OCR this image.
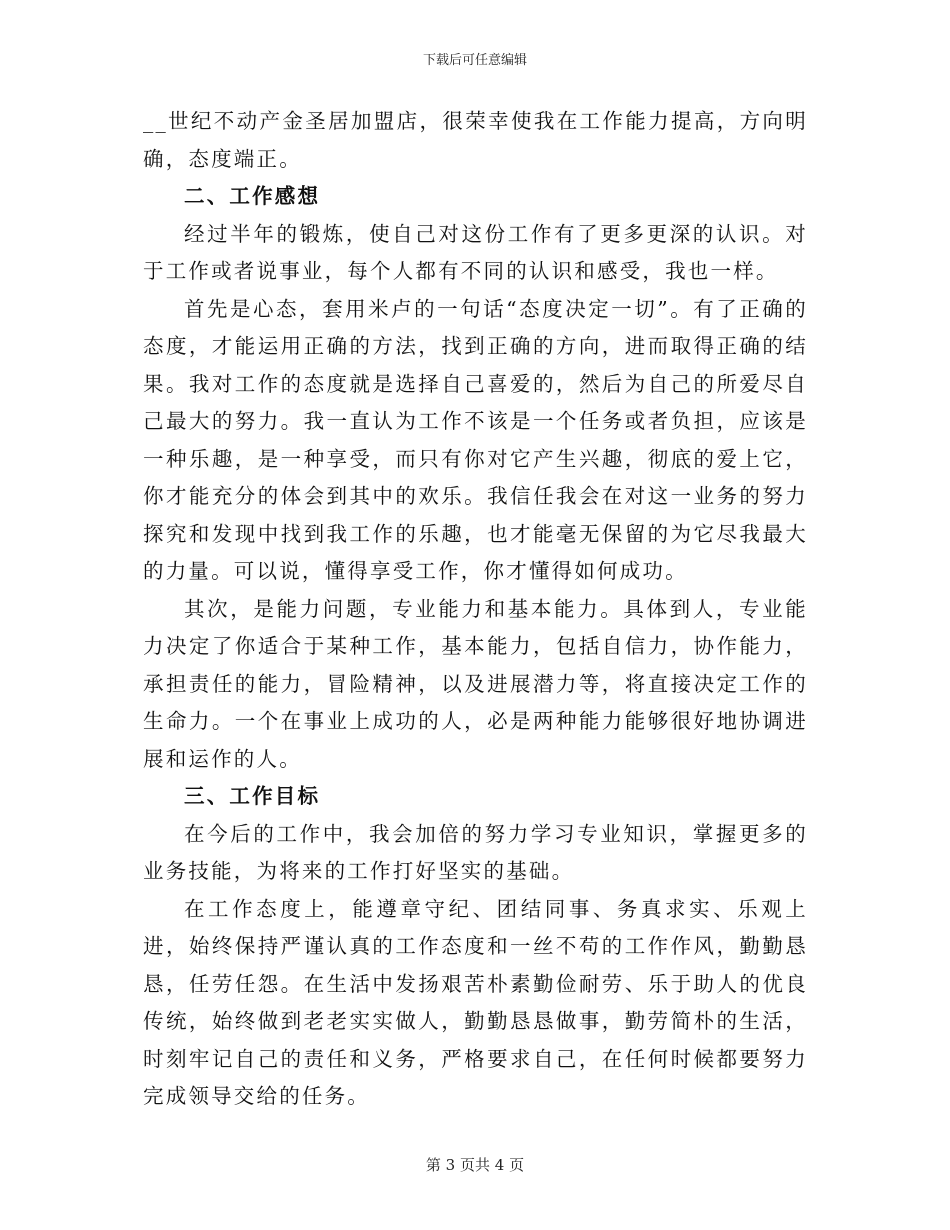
下载后可任意编辑

__世纪不动产金圣居加盟店，很荣幸使我在工作能力提高，方向明确，态度端正。

二、工作感想

经过半年的锻炼，使自己对这份工作有了更多更深的认识。对于工作或者说事业，每个人都有不同的认识和感受，我也一样。

首先是心态，套用米卢的一句话“态度决定一切”。有了正确的态度，才能运用正确的方法，找到正确的方向，进而取得正确的结果。我对工作的态度就是选择自己喜爱的，然后为自己的所爱尽自己最大的努力。我一直认为工作不该是一个任务或者负担，应该是一种乐趣，是一种享受，而只有你对它产生兴趣，彻底的爱上它，你才能充分的体会到其中的欢乐。我信任我会在对这一业务的努力探究和发现中找到我工作的乐趣，也才能毫无保留的为它尽我最大的力量。可以说，懂得享受工作，你才懂得如何成功。

其次，是能力问题，专业能力和基本能力。具体到人，专业能力决定了你适合于某种工作，基本能力，包括自信力，协作能力，承担责任的能力，冒险精神，以及进展潜力等，将直接决定工作的生命力。一个在事业上成功的人，必是两种能力能够很好地协调进展和运作的人。

三、工作目标

在今后的工作中，我会加倍的努力学习专业知识，掌握更多的业务技能，为将来的工作打好坚实的基础。

在工作态度上，能遵章守纪、团结同事、务真求实、乐观上进，始终保持严谨认真的工作态度和一丝不苟的工作作风，勤勤恳恳，任劳任怨。在生活中发扬艰苦朴素勤俭耐劳、乐于助人的优良传统，始终做到老老实实做人，勤勤恳恳做事，勤劳简朴的生活，时刻牢记自己的责任和义务，严格要求自己，在任何时候都要努力完成领导交给的任务。

第 3 页共 4 页
